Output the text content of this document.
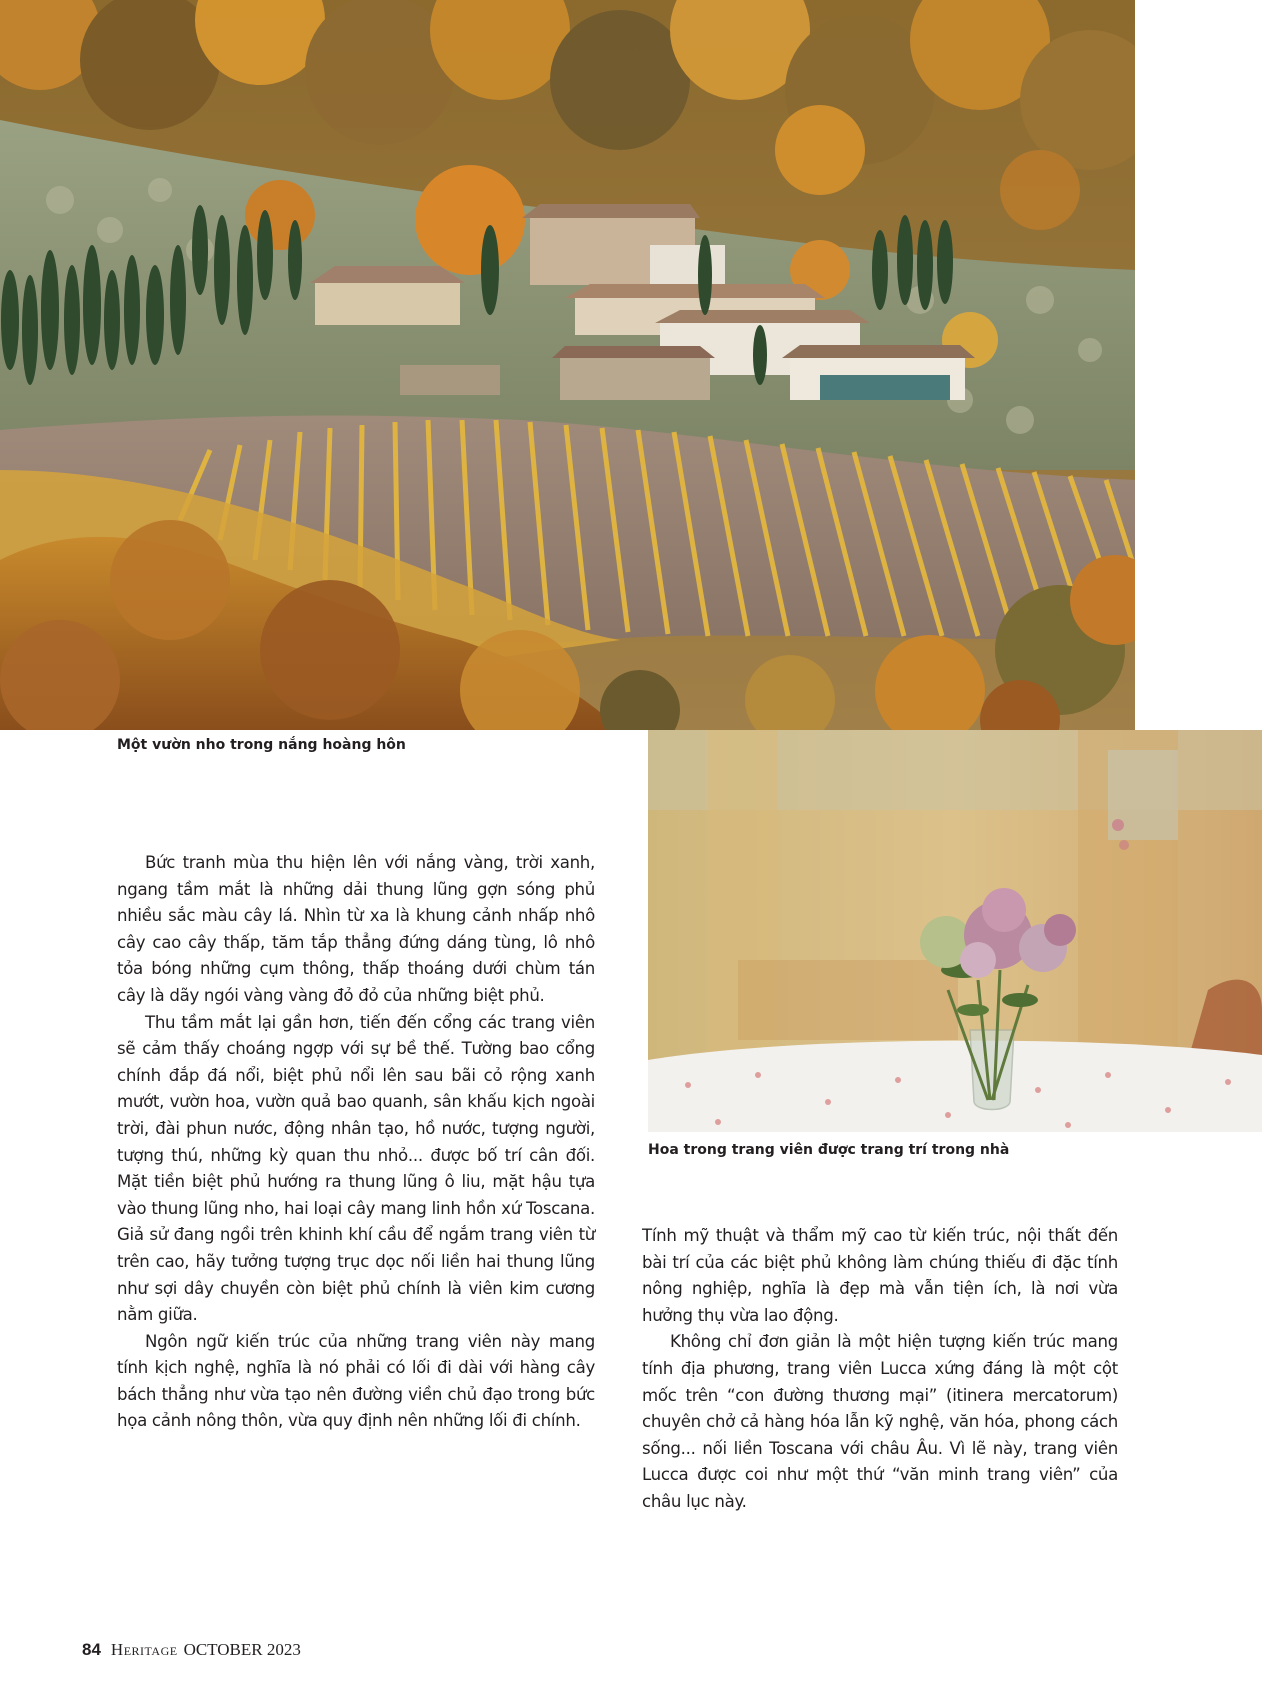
Một vườn nho trong nắng hoàng hôn
Hoa trong trang viên được trang trí trong nhà

Bức tranh mùa thu hiện lên với nắng vàng, trời xanh, ngang tầm mắt là những dải thung lũng gợn sóng phủ nhiều sắc màu cây lá. Nhìn từ xa là khung cảnh nhấp nhô cây cao cây thấp, tăm tắp thẳng đứng dáng tùng, lô nhô tỏa bóng những cụm thông, thấp thoáng dưới chùm tán cây là dãy ngói vàng vàng đỏ đỏ của những biệt phủ.

Thu tầm mắt lại gần hơn, tiến đến cổng các trang viên sẽ cảm thấy choáng ngợp với sự bề thế. Tường bao cổng chính đắp đá nổi, biệt phủ nổi lên sau bãi cỏ rộng xanh mướt, vườn hoa, vườn quả bao quanh, sân khấu kịch ngoài trời, đài phun nước, động nhân tạo, hồ nước, tượng người, tượng thú, những kỳ quan thu nhỏ... được bố trí cân đối. Mặt tiền biệt phủ hướng ra thung lũng ô liu, mặt hậu tựa vào thung lũng nho, hai loại cây mang linh hồn xứ Toscana. Giả sử đang ngồi trên khinh khí cầu để ngắm trang viên từ trên cao, hãy tưởng tượng trục dọc nối liền hai thung lũng như sợi dây chuyền còn biệt phủ chính là viên kim cương nằm giữa.

Ngôn ngữ kiến trúc của những trang viên này mang tính kịch nghệ, nghĩa là nó phải có lối đi dài với hàng cây bách thẳng như vừa tạo nên đường viền chủ đạo trong bức họa cảnh nông thôn, vừa quy định nên những lối đi chính.

Tính mỹ thuật và thẩm mỹ cao từ kiến trúc, nội thất đến bài trí của các biệt phủ không làm chúng thiếu đi đặc tính nông nghiệp, nghĩa là đẹp mà vẫn tiện ích, là nơi vừa hưởng thụ vừa lao động.

Không chỉ đơn giản là một hiện tượng kiến trúc mang tính địa phương, trang viên Lucca xứng đáng là một cột mốc trên “con đường thương mại” (itinera mercatorum) chuyên chở cả hàng hóa lẫn kỹ nghệ, văn hóa, phong cách sống... nối liền Toscana với châu Âu. Vì lẽ này, trang viên Lucca được coi như một thứ “văn minh trang viên” của châu lục này.

84 Heritage OCTOBER 2023
